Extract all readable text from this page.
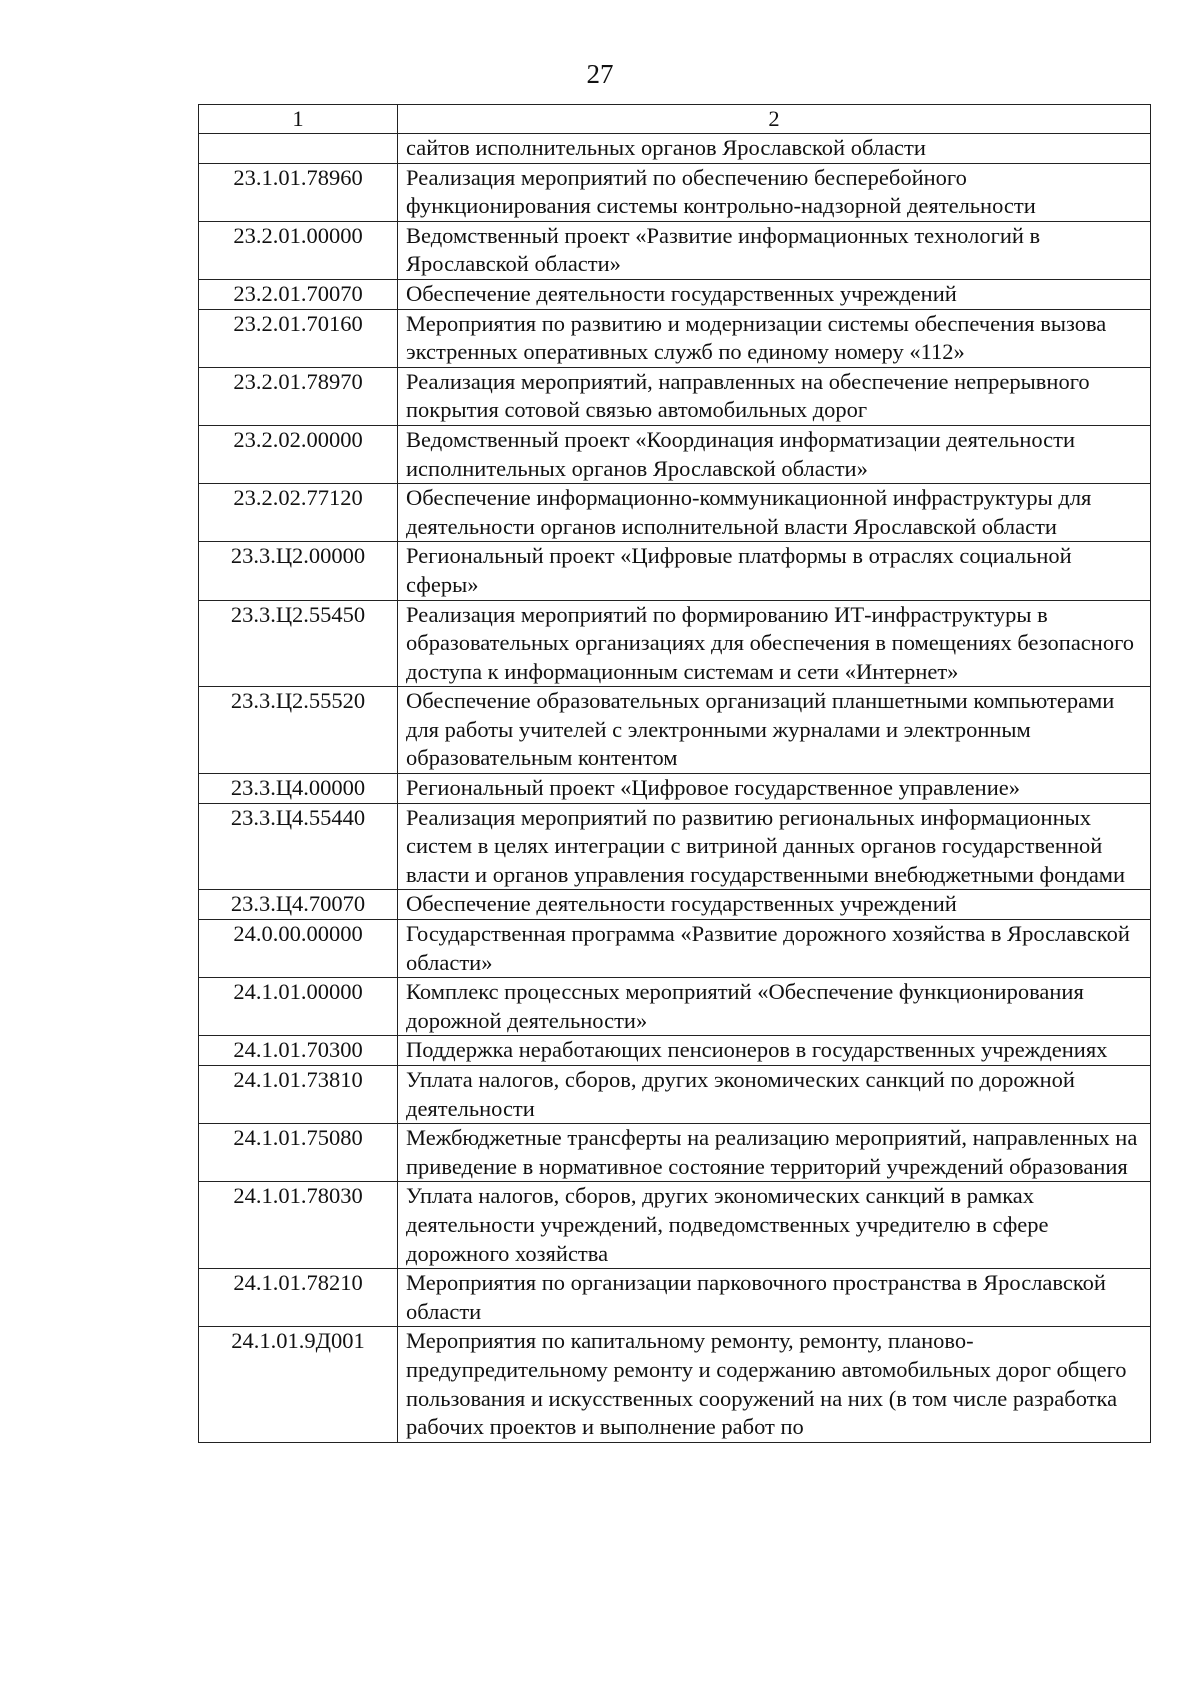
27
1	2
	сайтов исполнительных органов Ярославской области
23.1.01.78960	Реализация мероприятий по обеспечению бесперебойного функционирования системы контрольно-надзорной деятельности
23.2.01.00000	Ведомственный проект «Развитие информационных технологий в Ярославской области»
23.2.01.70070	Обеспечение деятельности государственных учреждений
23.2.01.70160	Мероприятия по развитию и модернизации системы обеспечения вызова экстренных оперативных служб по единому номеру «112»
23.2.01.78970	Реализация мероприятий, направленных на обеспечение непрерывного покрытия сотовой связью автомобильных дорог
23.2.02.00000	Ведомственный проект «Координация информатизации деятельности исполнительных органов Ярославской области»
23.2.02.77120	Обеспечение информационно-коммуникационной инфраструктуры для деятельности органов исполнительной власти Ярославской области
23.3.Ц2.00000	Региональный проект «Цифровые платформы в отраслях социальной сферы»
23.3.Ц2.55450	Реализация мероприятий по формированию ИТ-инфраструктуры в образовательных организациях для обеспечения в помещениях безопасного доступа к информационным системам и сети «Интернет»
23.3.Ц2.55520	Обеспечение образовательных организаций планшетными компьютерами для работы учителей с электронными журналами и электронным образовательным контентом
23.3.Ц4.00000	Региональный проект «Цифровое государственное управление»
23.3.Ц4.55440	Реализация мероприятий по развитию региональных информационных систем в целях интеграции с витриной данных органов государственной власти и органов управления государственными внебюджетными фондами
23.3.Ц4.70070	Обеспечение деятельности государственных учреждений
24.0.00.00000	Государственная программа «Развитие дорожного хозяйства в Ярославской области»
24.1.01.00000	Комплекс процессных мероприятий «Обеспечение функционирования дорожной деятельности»
24.1.01.70300	Поддержка неработающих пенсионеров в государственных учреждениях
24.1.01.73810	Уплата налогов, сборов, других экономических санкций по дорожной деятельности
24.1.01.75080	Межбюджетные трансферты на реализацию мероприятий, направленных на приведение в нормативное состояние территорий учреждений образования
24.1.01.78030	Уплата налогов, сборов, других экономических санкций в рамках деятельности учреждений, подведомственных учредителю в сфере дорожного хозяйства
24.1.01.78210	Мероприятия по организации парковочного пространства в Ярославской области
24.1.01.9Д001	Мероприятия по капитальному ремонту, ремонту, планово-предупредительному ремонту и содержанию автомобильных дорог общего пользования и искусственных сооружений на них (в том числе разработка рабочих проектов и выполнение работ по
